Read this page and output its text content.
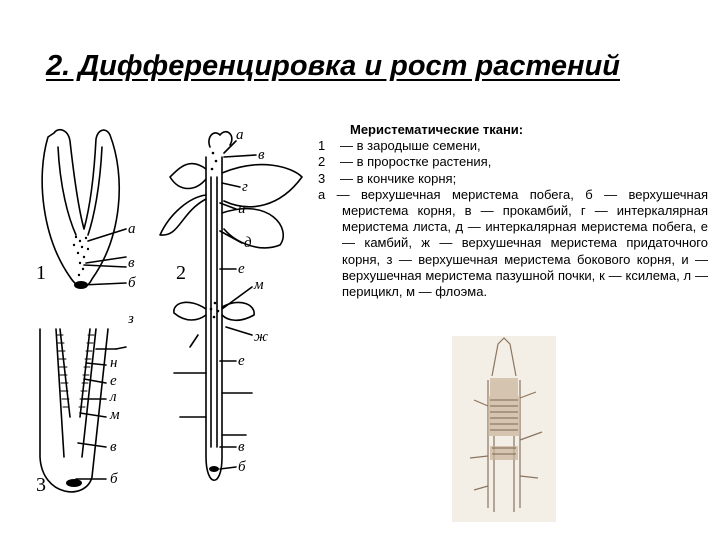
2. Дифференцировка и рост растений
Меристематические ткани:
1 — в зародыше семени,
2 — в проростке растения,
3 — в кончике корня;
а — верхушечная меристема побега, б — верхушечная меристема корня, в — прокамбий, г — интеркалярная меристема листа, д — интеркалярная меристема побега, е — камбий, ж — верхушечная меристема придаточного корня, з — верхушечная меристема бокового корня, и — верхушечная меристема пазушной почки, к — ксилема, л — перицикл, м — флоэма.
1
а
в
б 2
а
в
г
и
д
е
м
ж
е
в
б
3
з
н
е
л
м
в
б
